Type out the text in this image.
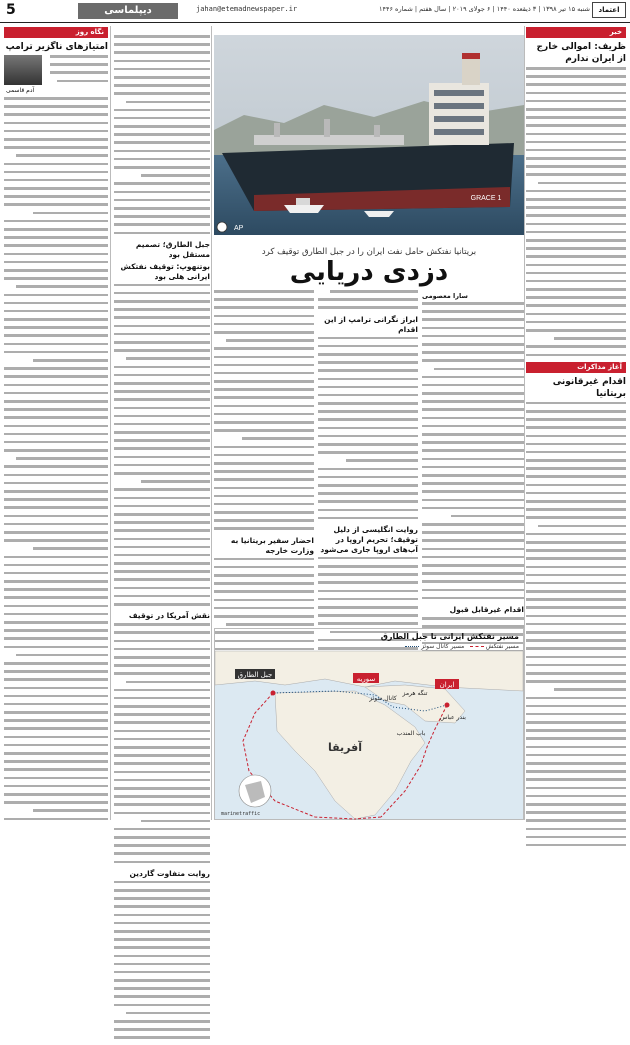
5	دیپلماسی	jahan@etemadnewspaper.ir	شنبه ۱۵ تیر ۱۳۹۸ | ۳ ذیقعده ۱۴۴۰ | ۶ جولای ۲۰۱۹ | سال هفتم | شماره ۱۴۴۶	اعتماد
نگاه روز
امتیازهای ناگزیر ترامپ
آدم قاسمی
جبل الطارق؛ تصمیم مستقل بود
بوتنهوپ: توقیف نفتکش ایرانی هلی بود
نقش آمریکا در توقیف
روایت متفاوت گاردین
GRACE 1
AP
بریتانیا نفتکش حامل نفت ایران را در جبل الطارق توقیف کرد
دزدی دریایی
احضار سفیر بریتانیا به وزارت خارجه
ابراز نگرانی ترامپ از این اقدام
روایت انگلیسی از دلیل توقیف؛ تحریم اروپا در آب‌های اروپا جاری می‌شود
سارا معصومی
اقدام غیرقابل قبول
مسیر نفتکش ایرانی تا جبل الطارق
مسیر نفتکش    مسیر کانال سوئز
جبل الطارق
ایران
سوریه
کانال سوئز
بندر عباس
تنگه هرمز
باب المندب
آفریقا
marinetraffic
خبر
ظریف: اموالی خارج از ایران ندارم
آغاز مذاکرات
اقدام غیرقانونی بریتانیا
